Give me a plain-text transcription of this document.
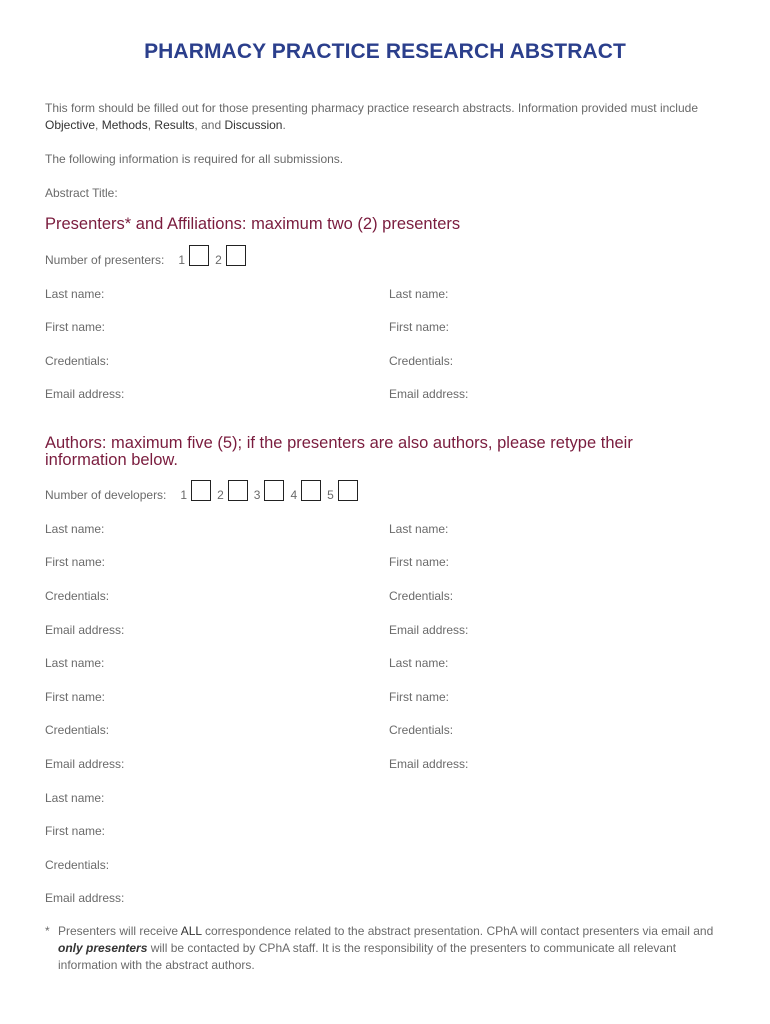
PHARMACY PRACTICE RESEARCH ABSTRACT
This form should be filled out for those presenting pharmacy practice research abstracts. Information provided must include Objective, Methods, Results, and Discussion.
The following information is required for all submissions.
Abstract Title:
Presenters* and Affiliations: maximum two (2) presenters
Number of presenters: 1	2
Last name:	Last name:
First name:	First name:
Credentials:	Credentials:
Email address:	Email address:
Authors: maximum five (5); if the presenters are also authors, please retype their
information below.
Number of developers: 1	2	3	4	5
Last name:	Last name:
First name:	First name:
Credentials:	Credentials:
Email address:	Email address:
Last name:	Last name:
First name:	First name:
Credentials:	Credentials:
Email address:	Email address:
Last name:
First name:
Credentials:
Email address:
* Presenters will receive ALL correspondence related to the abstract presentation. CPhA will contact presenters via email and only presenters will be contacted by CPhA staff. It is the responsibility of the presenters to communicate all relevant information with the abstract authors.
